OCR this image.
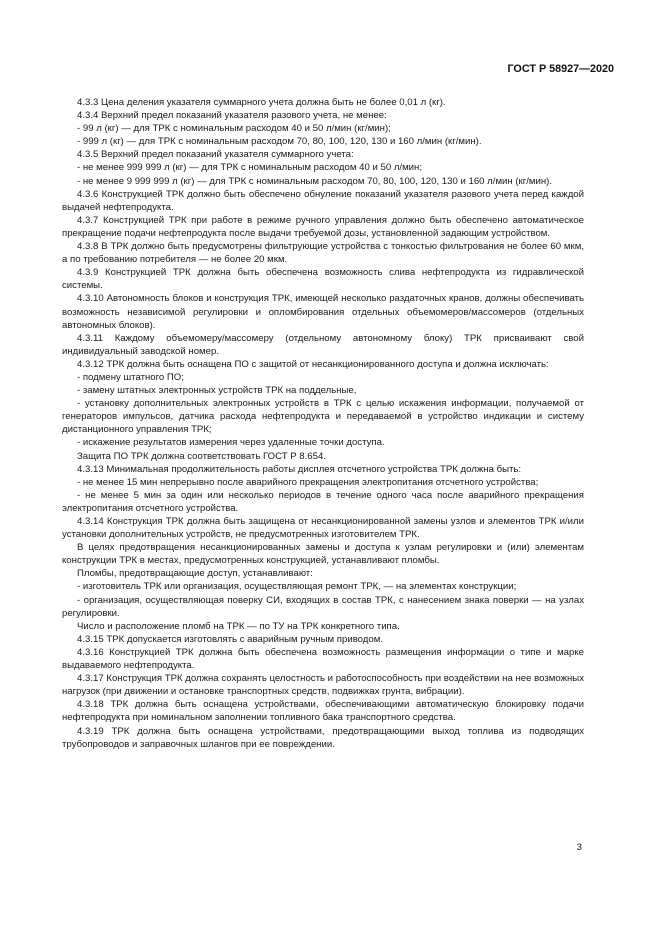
ГОСТ Р 58927—2020

4.3.3 Цена деления указателя суммарного учета должна быть не более 0,01 л (кг).

4.3.4 Верхний предел показаний указателя разового учета, не менее:

- 99 л (кг) — для ТРК с номинальным расходом 40 и 50 л/мин (кг/мин);

- 999 л (кг) — для ТРК с номинальным расходом 70, 80, 100, 120, 130 и 160 л/мин (кг/мин).

4.3.5 Верхний предел показаний указателя суммарного учета:

- не менее 999 999 л (кг) — для ТРК с номинальным расходом 40 и 50 л/мин;

- не менее 9 999 999 л (кг) — для ТРК с номинальным расходом 70, 80, 100, 120, 130 и 160 л/мин (кг/мин).

4.3.6 Конструкцией ТРК должно быть обеспечено обнуление показаний указателя разового учета перед каждой выдачей нефтепродукта.

4.3.7 Конструкцией ТРК при работе в режиме ручного управления должно быть обеспечено автоматическое прекращение подачи нефтепродукта после выдачи требуемой дозы, установленной задающим устройством.

4.3.8 В ТРК должно быть предусмотрены фильтрующие устройства с тонкостью фильтрования не более 60 мкм, а по требованию потребителя — не более 20 мкм.

4.3.9 Конструкцией ТРК должна быть обеспечена возможность слива нефтепродукта из гидравлической системы.

4.3.10 Автономность блоков и конструкция ТРК, имеющей несколько раздаточных кранов, должны обеспечивать возможность независимой регулировки и опломбирования отдельных объемомеров/массомеров (отдельных автономных блоков).

4.3.11 Каждому объемомеру/массомеру (отдельному автономному блоку) ТРК присваивают свой индивидуальный заводской номер.

4.3.12 ТРК должна быть оснащена ПО с защитой от несанкционированного доступа и должна исключать:

- подмену штатного ПО;

- замену штатных электронных устройств ТРК на поддельные,

- установку дополнительных электронных устройств в ТРК с целью искажения информации, получаемой от генераторов импульсов, датчика расхода нефтепродукта и передаваемой в устройство индикации и систему дистанционного управления ТРК;

- искажение результатов измерения через удаленные точки доступа.

Защита ПО ТРК должна соответствовать ГОСТ Р 8.654.

4.3.13 Минимальная продолжительность работы дисплея отсчетного устройства ТРК должна быть:

- не менее 15 мин непрерывно после аварийного прекращения электропитания отсчетного устройства;

- не менее 5 мин за один или несколько периодов в течение одного часа после аварийного прекращения электропитания отсчетного устройства.

4.3.14 Конструкция ТРК должна быть защищена от несанкционированной замены узлов и элементов ТРК и/или установки дополнительных устройств, не предусмотренных изготовителем ТРК.

В целях предотвращения несанкционированных замены и доступа к узлам регулировки и (или) элементам конструкции ТРК в местах, предусмотренных конструкцией, устанавливают пломбы.

Пломбы, предотвращающие доступ, устанавливают:

- изготовитель ТРК или организация, осуществляющая ремонт ТРК, — на элементах конструкции;

- организация, осуществляющая поверку СИ, входящих в состав ТРК, с нанесением знака поверки — на узлах регулировки.

Число и расположение пломб на ТРК — по ТУ на ТРК конкретного типа.

4.3.15 ТРК допускается изготовлять с аварийным ручным приводом.

4.3.16 Конструкцией ТРК должна быть обеспечена возможность размещения информации о типе и марке выдаваемого нефтепродукта.

4.3.17 Конструкция ТРК должна сохранять целостность и работоспособность при воздействии на нее возможных нагрузок (при движении и остановке транспортных средств, подвижках грунта, вибрации).

4.3.18 ТРК должна быть оснащена устройствами, обеспечивающими автоматическую блокировку подачи нефтепродукта при номинальном заполнении топливного бака транспортного средства.

4.3.19 ТРК должна быть оснащена устройствами, предотвращающими выход топлива из подводящих трубопроводов и заправочных шлангов при ее повреждении.

3
